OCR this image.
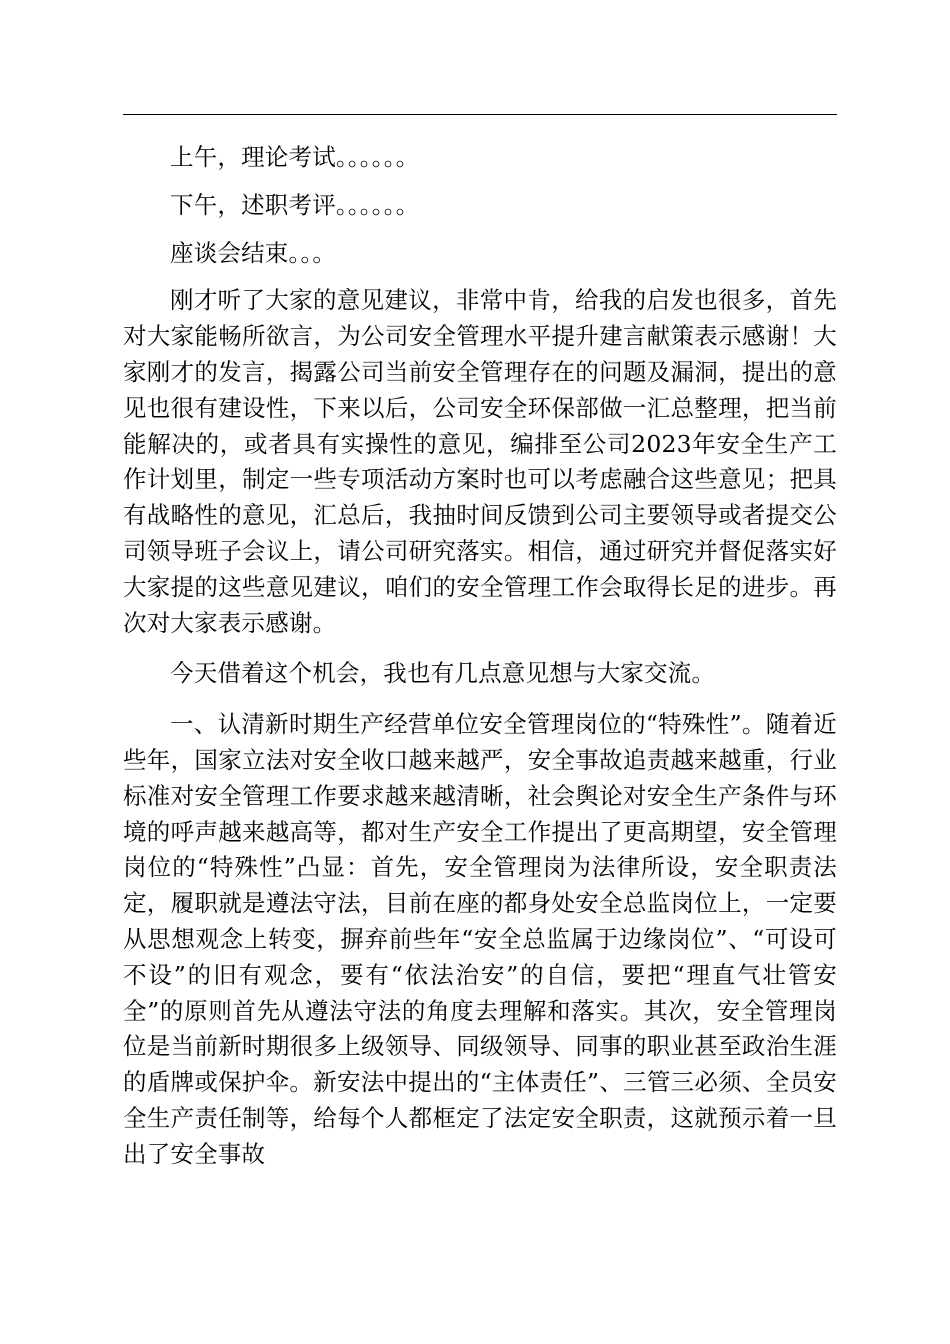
上午，理论考试。。。。。。

下午，述职考评。。。。。。

座谈会结束。。。

刚才听了大家的意见建议，非常中肯，给我的启发也很多，首先对大家能畅所欲言，为公司安全管理水平提升建言献策表示感谢！大家刚才的发言，揭露公司当前安全管理存在的问题及漏洞，提出的意见也很有建设性，下来以后，公司安全环保部做一汇总整理，把当前能解决的，或者具有实操性的意见，编排至公司2023年安全生产工作计划里，制定一些专项活动方案时也可以考虑融合这些意见；把具有战略性的意见，汇总后，我抽时间反馈到公司主要领导或者提交公司领导班子会议上，请公司研究落实。相信，通过研究并督促落实好大家提的这些意见建议，咱们的安全管理工作会取得长足的进步。再次对大家表示感谢。

今天借着这个机会，我也有几点意见想与大家交流。

一、认清新时期生产经营单位安全管理岗位的“特殊性”。随着近些年，国家立法对安全收口越来越严，安全事故追责越来越重，行业标准对安全管理工作要求越来越清晰，社会舆论对安全生产条件与环境的呼声越来越高等，都对生产安全工作提出了更高期望，安全管理岗位的“特殊性”凸显：首先，安全管理岗为法律所设，安全职责法定，履职就是遵法守法，目前在座的都身处安全总监岗位上，一定要从思想观念上转变，摒弃前些年“安全总监属于边缘岗位”、“可设可不设”的旧有观念，要有“依法治安”的自信，要把“理直气壮管安全”的原则首先从遵法守法的角度去理解和落实。其次，安全管理岗位是当前新时期很多上级领导、同级领导、同事的职业甚至政治生涯的盾牌或保护伞。新安法中提出的“主体责任”、三管三必须、全员安全生产责任制等，给每个人都框定了法定安全职责，这就预示着一旦出了安全事故
